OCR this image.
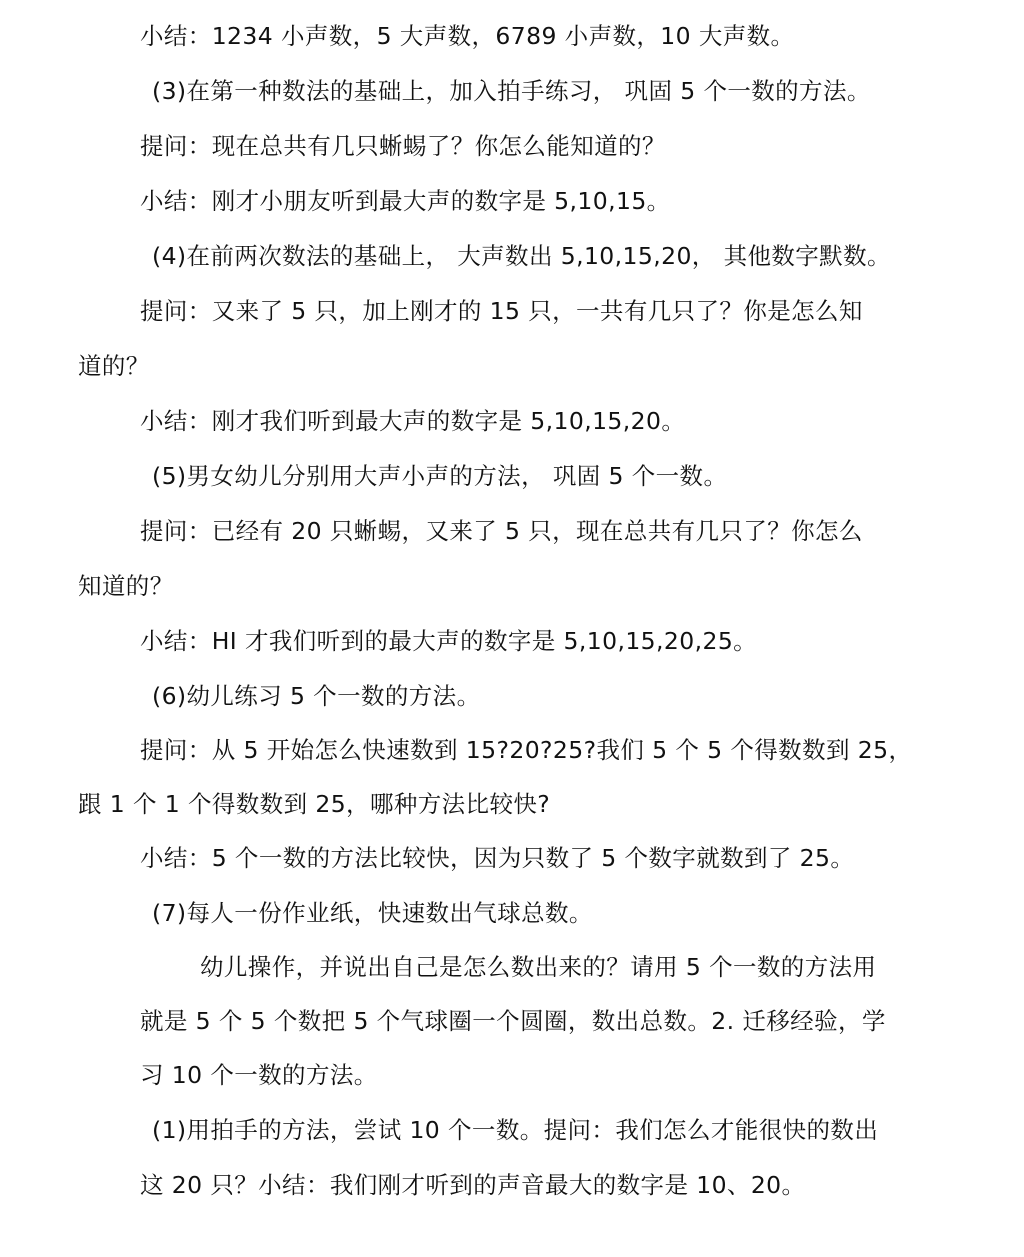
小结：1234 小声数，5 大声数，6789 小声数，10 大声数。
(3)在第一种数法的基础上，加入拍手练习， 巩固 5 个一数的方法。
提问：现在总共有几只蜥蜴了？你怎么能知道的？
小结：刚才小朋友听到最大声的数字是 5,10,15。
(4)在前两次数法的基础上， 大声数出 5,10,15,20， 其他数字默数。
提问：又来了 5 只，加上刚才的 15 只，一共有几只了？你是怎么知
道的？
小结：刚才我们听到最大声的数字是 5,10,15,20。
(5)男女幼儿分别用大声小声的方法， 巩固 5 个一数。
提问：已经有 20 只蜥蜴，又来了 5 只，现在总共有几只了？你怎么
知道的？
小结：HI 才我们听到的最大声的数字是 5,10,15,20,25。
(6)幼儿练习 5 个一数的方法。
提问：从 5 开始怎么快速数到 15?20?25?我们 5 个 5 个得数数到 25，
跟 1 个 1 个得数数到 25，哪种方法比较快?
小结：5 个一数的方法比较快，因为只数了 5 个数字就数到了 25。
(7)每人一份作业纸，快速数出气球总数。
幼儿操作，并说出自己是怎么数出来的？请用 5 个一数的方法用
就是 5 个 5 个数把 5 个气球圈一个圆圈，数出总数。2. 迁移经验，学
习 10 个一数的方法。
(1)用拍手的方法，尝试 10 个一数。提问：我们怎么才能很快的数出
这 20 只？小结：我们刚才听到的声音最大的数字是 10、20。
